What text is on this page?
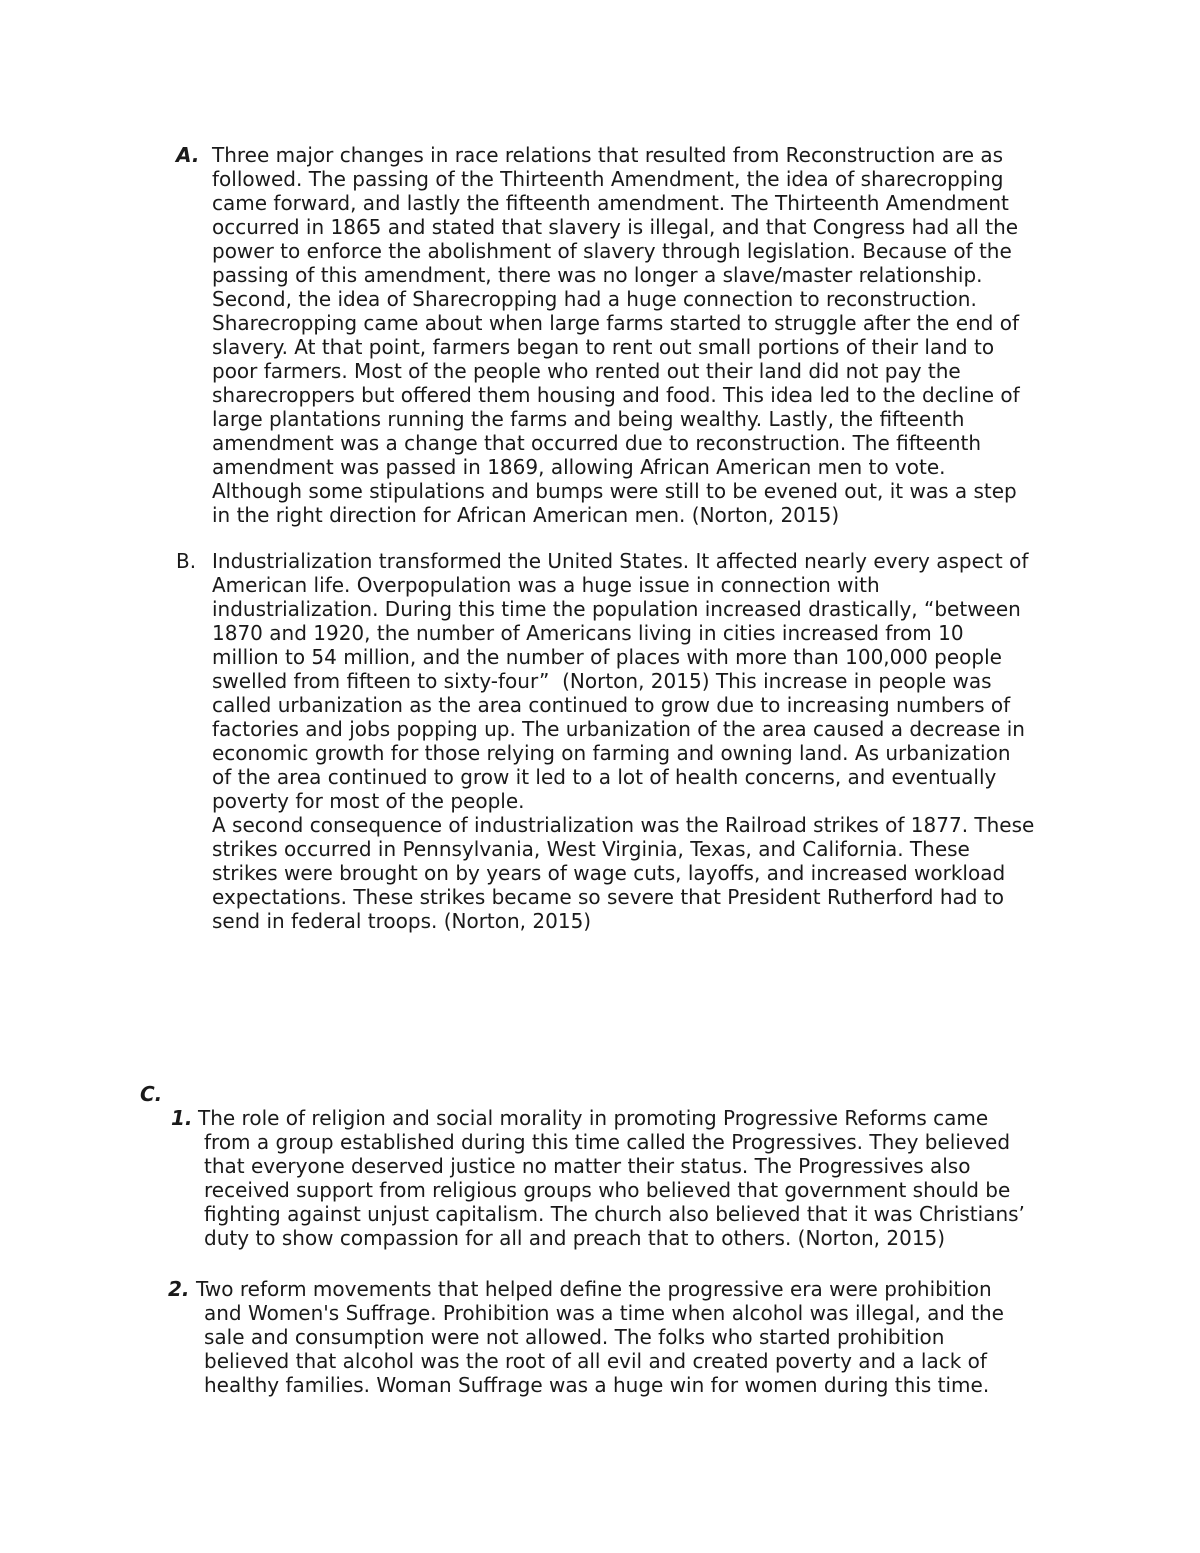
A. Three major changes in race relations that resulted from Reconstruction are as
followed. The passing of the Thirteenth Amendment, the idea of sharecropping
came forward, and lastly the fifteenth amendment. The Thirteenth Amendment
occurred in 1865 and stated that slavery is illegal, and that Congress had all the
power to enforce the abolishment of slavery through legislation. Because of the
passing of this amendment, there was no longer a slave/master relationship.
Second, the idea of Sharecropping had a huge connection to reconstruction.
Sharecropping came about when large farms started to struggle after the end of
slavery. At that point, farmers began to rent out small portions of their land to
poor farmers. Most of the people who rented out their land did not pay the
sharecroppers but offered them housing and food. This idea led to the decline of
large plantations running the farms and being wealthy. Lastly, the fifteenth
amendment was a change that occurred due to reconstruction. The fifteenth
amendment was passed in 1869, allowing African American men to vote.
Although some stipulations and bumps were still to be evened out, it was a step
in the right direction for African American men. (Norton, 2015)
B. Industrialization transformed the United States. It affected nearly every aspect of
American life. Overpopulation was a huge issue in connection with
industrialization. During this time the population increased drastically, “between
1870 and 1920, the number of Americans living in cities increased from 10
million to 54 million, and the number of places with more than 100,000 people
swelled from fifteen to sixty-four”  (Norton, 2015) This increase in people was
called urbanization as the area continued to grow due to increasing numbers of
factories and jobs popping up. The urbanization of the area caused a decrease in
economic growth for those relying on farming and owning land. As urbanization
of the area continued to grow it led to a lot of health concerns, and eventually
poverty for most of the people.
A second consequence of industrialization was the Railroad strikes of 1877. These
strikes occurred in Pennsylvania, West Virginia, Texas, and California. These
strikes were brought on by years of wage cuts, layoffs, and increased workload
expectations. These strikes became so severe that President Rutherford had to
send in federal troops. (Norton, 2015)
C.
1. The role of religion and social morality in promoting Progressive Reforms came
from a group established during this time called the Progressives. They believed
that everyone deserved justice no matter their status. The Progressives also
received support from religious groups who believed that government should be
fighting against unjust capitalism. The church also believed that it was Christians’
duty to show compassion for all and preach that to others. (Norton, 2015)
2. Two reform movements that helped define the progressive era were prohibition
and Women's Suffrage. Prohibition was a time when alcohol was illegal, and the
sale and consumption were not allowed. The folks who started prohibition
believed that alcohol was the root of all evil and created poverty and a lack of
healthy families. Woman Suffrage was a huge win for women during this time.
